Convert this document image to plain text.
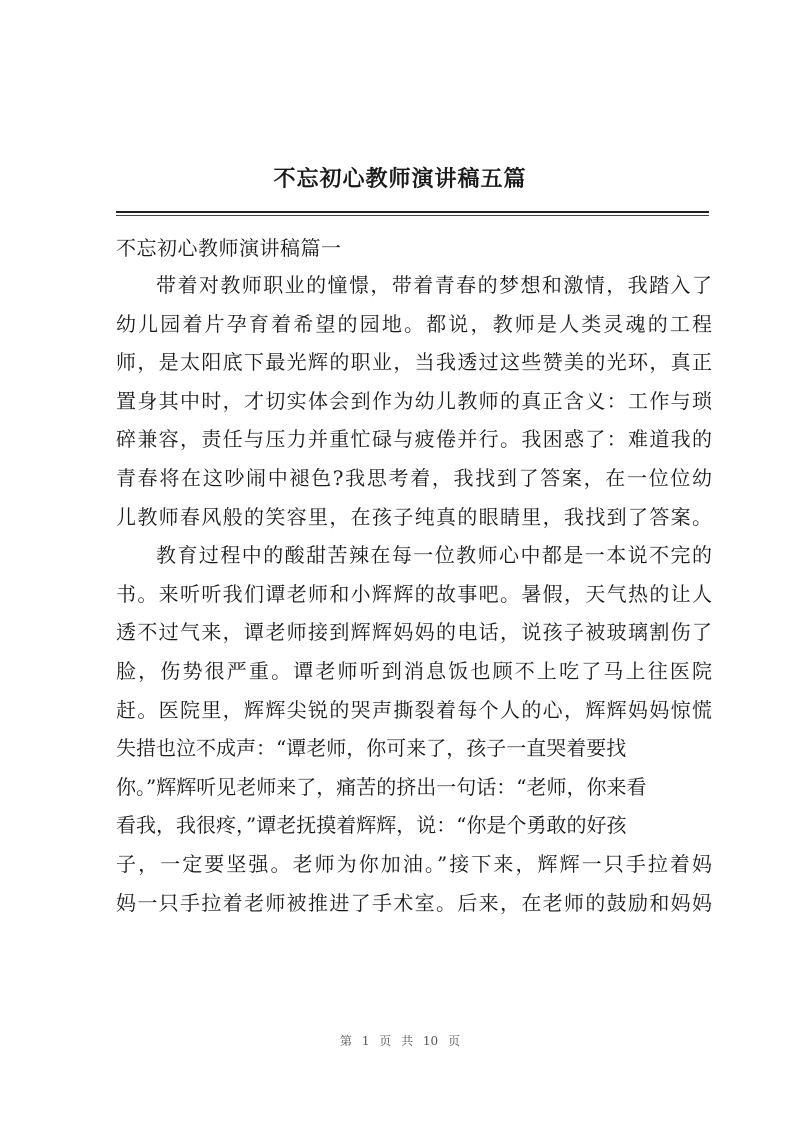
不忘初心教师演讲稿五篇
不忘初心教师演讲稿篇一
带着对教师职业的憧憬，带着青春的梦想和激情，我踏入了
幼儿园着片孕育着希望的园地。都说，教师是人类灵魂的工程
师，是太阳底下最光辉的职业，当我透过这些赞美的光环，真正
置身其中时，才切实体会到作为幼儿教师的真正含义：工作与琐
碎兼容，责任与压力并重忙碌与疲倦并行。我困惑了：难道我的
青春将在这吵闹中褪色?我思考着，我找到了答案，在一位位幼
儿教师春风般的笑容里，在孩子纯真的眼睛里，我找到了答案。
教育过程中的酸甜苦辣在每一位教师心中都是一本说不完的
书。来听听我们谭老师和小辉辉的故事吧。暑假，天气热的让人
透不过气来，谭老师接到辉辉妈妈的电话，说孩子被玻璃割伤了
脸，伤势很严重。谭老师听到消息饭也顾不上吃了马上往医院
赶。医院里，辉辉尖锐的哭声撕裂着每个人的心，辉辉妈妈惊慌
失措也泣不成声：“谭老师，你可来了，孩子一直哭着要找
你。”辉辉听见老师来了，痛苦的挤出一句话：“老师，你来看
看我，我很疼，”谭老抚摸着辉辉，说：“你是个勇敢的好孩
子，一定要坚强。老师为你加油。”接下来，辉辉一只手拉着妈
妈一只手拉着老师被推进了手术室。后来，在老师的鼓励和妈妈
第 1 页 共 10 页
